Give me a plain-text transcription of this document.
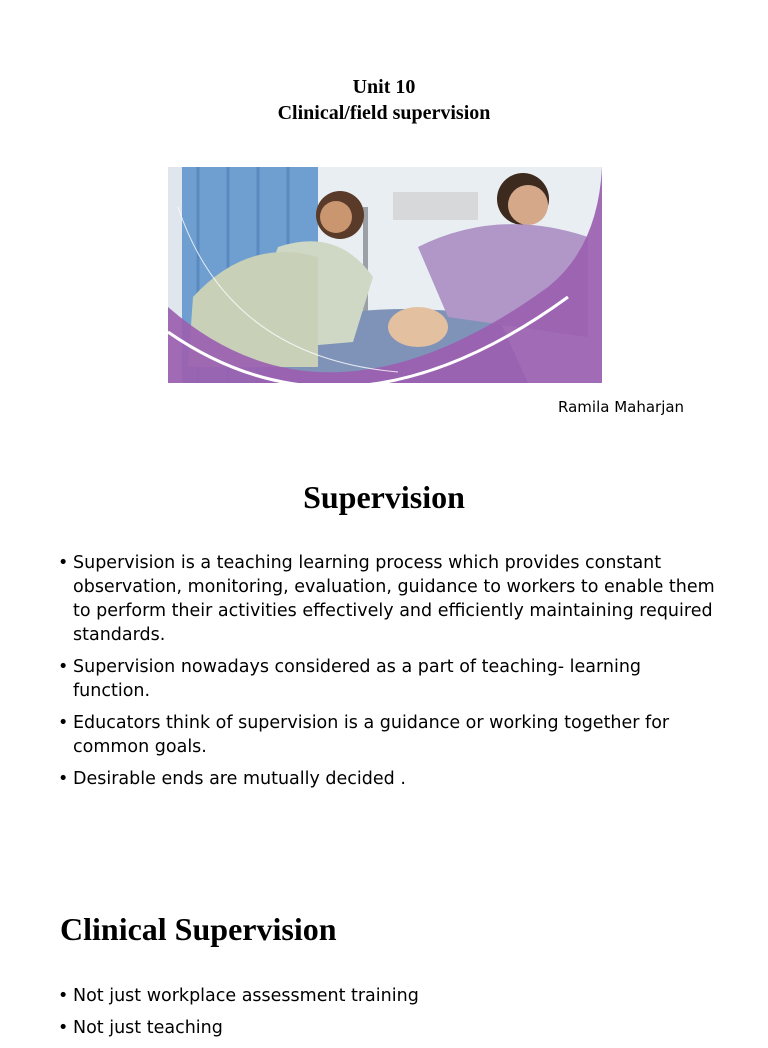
Unit 10
Clinical/field supervision
Ramila Maharjan
Supervision
• Supervision is a teaching learning process which provides constant observation, monitoring, evaluation, guidance to workers to enable them to perform their activities effectively and efficiently maintaining required standards.
• Supervision nowadays considered as a part of teaching- learning function.
• Educators think of supervision is a guidance or working together for common goals.
• Desirable ends are mutually decided .
Clinical Supervision
• Not just workplace assessment training
• Not just teaching
